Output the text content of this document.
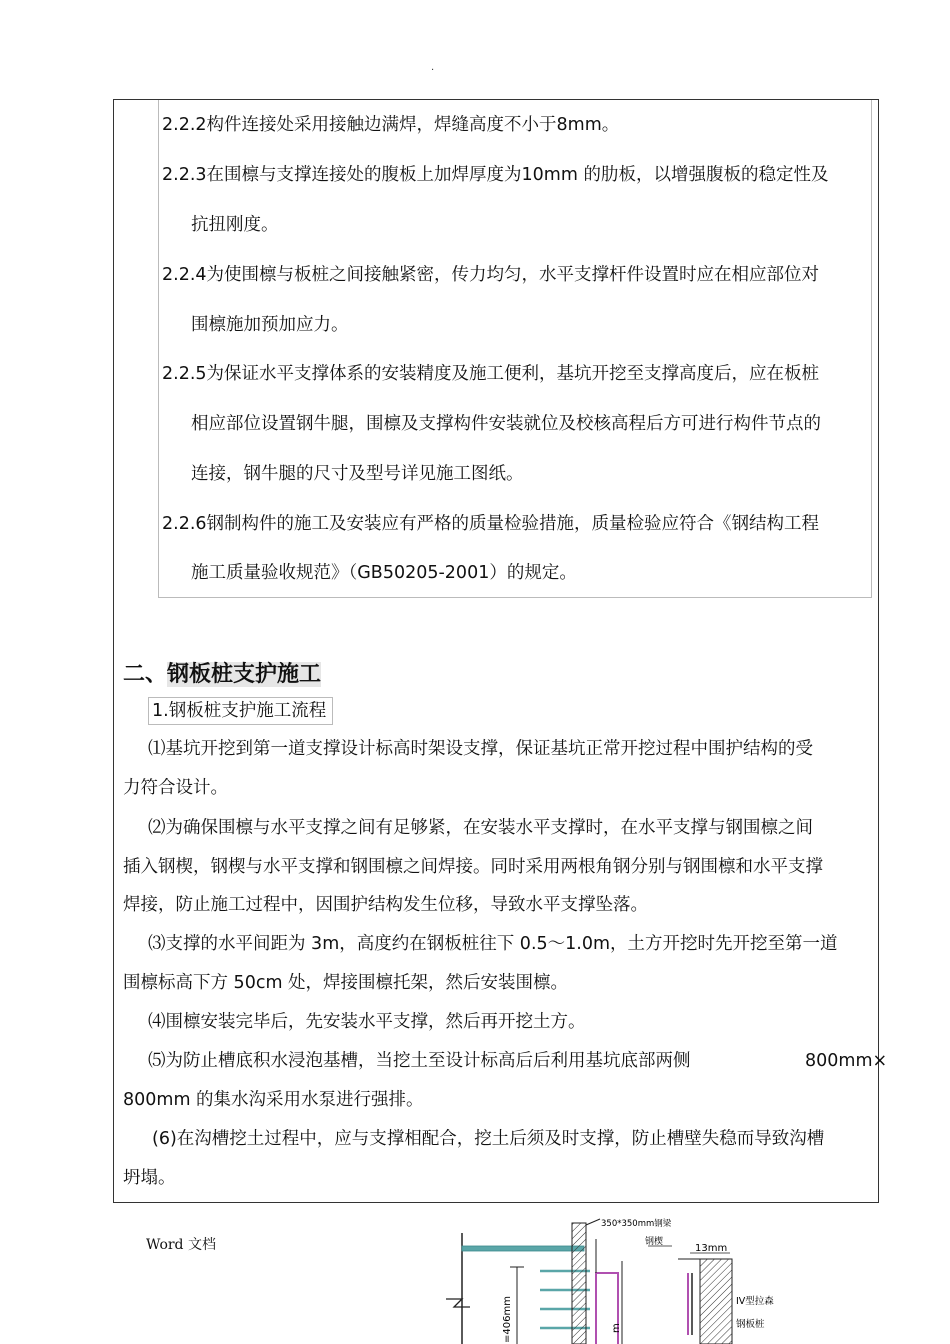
.
2.2.2构件连接处采用接触边满焊，焊缝高度不小于8mm。
2.2.3在围檩与支撑连接处的腹板上加焊厚度为10mm 的肋板，以增强腹板的稳定性及
抗扭刚度。
2.2.4为使围檩与板桩之间接触紧密，传力均匀，水平支撑杆件设置时应在相应部位对
围檩施加预加应力。
2.2.5为保证水平支撑体系的安装精度及施工便利，基坑开挖至支撑高度后，应在板桩
相应部位设置钢牛腿，围檩及支撑构件安装就位及校核高程后方可进行构件节点的
连接，钢牛腿的尺寸及型号详见施工图纸。
2.2.6钢制构件的施工及安装应有严格的质量检验措施，质量检验应符合《钢结构工程
施工质量验收规范》（GB50205-2001）的规定。
二、钢板桩支护施工
1.钢板桩支护施工流程
⑴基坑开挖到第一道支撑设计标高时架设支撑，保证基坑正常开挖过程中围护结构的受
力符合设计。
⑵为确保围檩与水平支撑之间有足够紧，在安装水平支撑时，在水平支撑与钢围檩之间
插入钢楔，钢楔与水平支撑和钢围檩之间焊接。同时采用两根角钢分别与钢围檩和水平支撑
焊接，防止施工过程中，因围护结构发生位移，导致水平支撑坠落。
⑶支撑的水平间距为 3m，高度约在钢板桩往下 0.5～1.0m，土方开挖时先开挖至第一道
围檩标高下方 50cm 处，焊接围檩托架，然后安装围檩。
⑷围檩安装完毕后，先安装水平支撑，然后再开挖土方。
⑸为防止槽底积水浸泡基槽，当挖土至设计标高后后利用基坑底部两侧	800mm×
800mm 的集水沟采用水泵进行强排。
(6)在沟槽挖土过程中，应与支撑相配合，挖土后须及时支撑，防止槽壁失稳而导致沟槽
坍塌。
Word 文档
=406mm	m
350*350mm钢梁
钢楔
13mm
IV型拉森
钢板桩
